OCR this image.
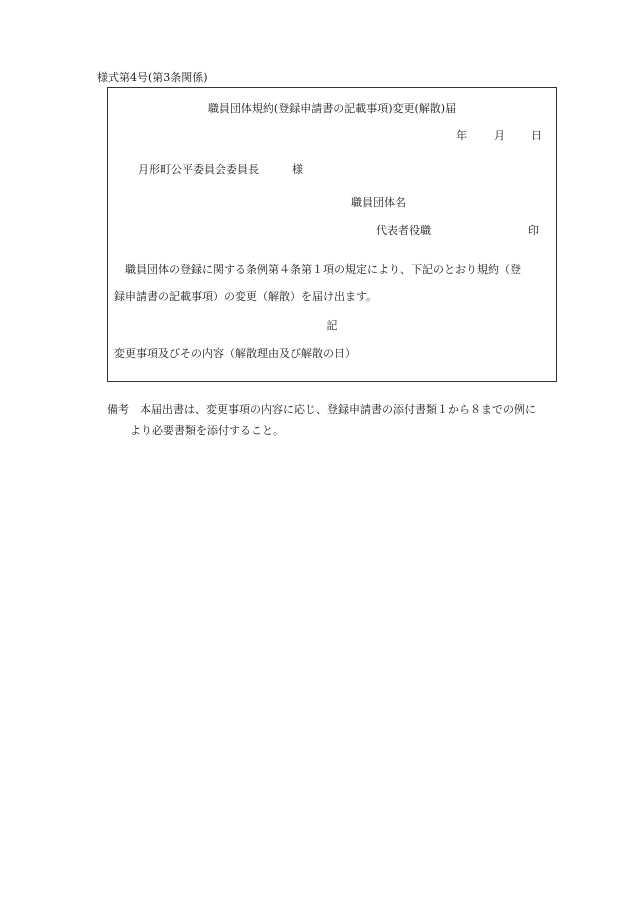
様式第4号(第3条関係)
職員団体規約(登録申請書の記載事項)変更(解散)届
年 月 日
月形町公平委員会委員長	様
職員団体名
代表者役職	印
職員団体の登録に関する条例第４条第１項の規定により、下記のとおり規約（登
録申請書の記載事項）の変更（解散）を届け出ます。
記
変更事項及びその内容（解散理由及び解散の日）
備考　本届出書は、変更事項の内容に応じ、登録申請書の添付書類１から８までの例に
より必要書類を添付すること。
